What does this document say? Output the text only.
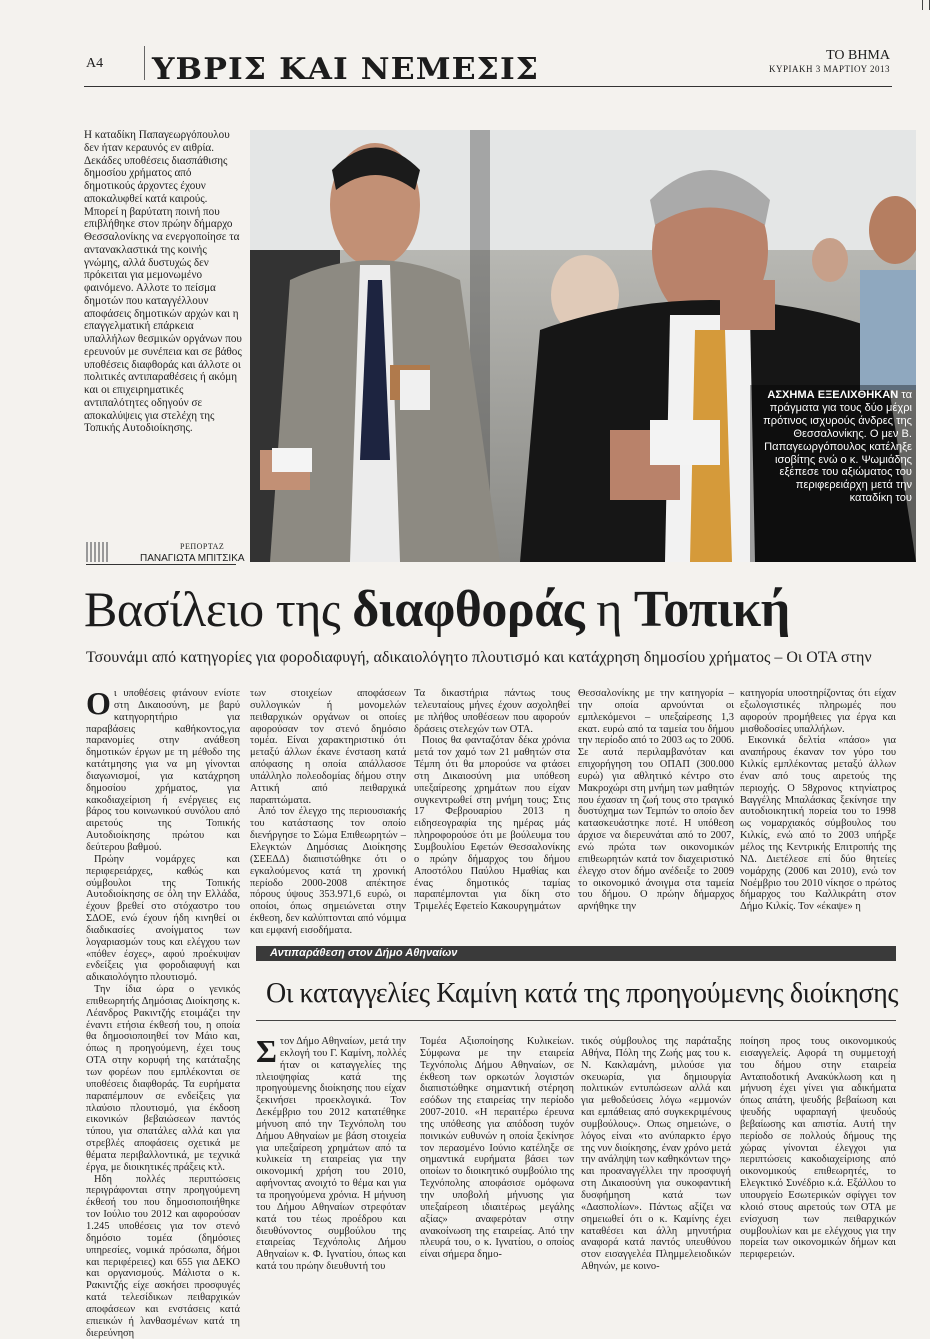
A4 ΥΒΡΙΣ ΚΑΙ ΝΕΜΕΣΙΣ	ΤΟ ΒΗΜΑ
ΚΥΡΙΑΚΗ 3 ΜΑΡΤΙΟΥ 2013
Η καταδίκη Παπαγεωργόπουλου δεν ήταν κεραυνός εν αιθρία. Δεκάδες υποθέσεις διασπάθισης δημοσίου χρήματος από δημοτικούς άρχοντες έχουν αποκαλυφθεί κατά καιρούς. Μπορεί η βαρύτατη ποινή που επιβλήθηκε στον πρώην δήμαρχο Θεσσαλονίκης να ενεργοποίησε τα αντανακλαστικά της κοινής γνώμης, αλλά δυστυχώς δεν πρόκειται για μεμονωμένο φαινόμενο. Αλλοτε το πείσμα δημοτών που καταγγέλλουν αποφάσεις δημοτικών αρχών και η επαγγελματική επάρκεια υπαλλήλων θεσμικών οργάνων που ερευνούν με συνέπεια και σε βάθος υποθέσεις διαφθοράς και άλλοτε οι πολιτικές αντιπαραθέσεις ή ακόμη και οι επιχειρηματικές αντιπαλότητες οδηγούν σε αποκαλύψεις για στελέχη της Τοπικής Αυτοδιοίκησης.
ΡΕΠΟΡΤΑΖ
ΠΑΝΑΓΙΩΤΑ ΜΠΙΤΣΙΚΑ
ΑΣΧΗΜΑ ΕΞΕΛΙΧΘΗΚΑΝ τα πράγματα για τους δύο μέχρι πρότινος ισχυρούς άνδρες της Θεσσαλονίκης. Ο μεν Β. Παπαγεωργόπουλος κατέληξε ισοβίτης ενώ ο κ. Ψωμιάδης εξέπεσε του αξιώματος του περιφερειάρχη μετά την καταδίκη του
Βασίλειο της διαφθοράς η Τοπική
Τσουνάμι από κατηγορίες για φοροδιαφυγή, αδικαιολόγητο πλουτισμό και κατάχρηση δημοσίου χρήματος – Οι ΟΤΑ στην

Οι υποθέσεις φτάνουν ενίοτε στη Δικαιοσύνη, με βαρύ κατηγορητήριο για παραβάσεις καθήκοντος,για παρανομίες στην ανάθεση δημοτικών έργων με τη μέθοδο της κατάτμησης για να μη γίνονται διαγωνισμοί, για κατάχρηση δημοσίου χρήματος, για κακοδιαχείριση ή ενέργειες εις βάρος του κοινωνικού συνόλου από αιρετούς της Τοπικής Αυτοδιοίκησης πρώτου και δεύτερου βαθμού.

Πρώην νομάρχες και περιφερειάρχες, καθώς και σύμβουλοι της Τοπικής Αυτοδιοίκησης σε όλη την Ελλάδα, έχουν βρεθεί στο στόχαστρο του ΣΔΟΕ, ενώ έχουν ήδη κινηθεί οι διαδικασίες ανοίγματος των λογαριασμών τους και ελέγχου των «πόθεν έσχες», αφού προέκυψαν ενδείξεις για φοροδιαφυγή και αδικαιολόγητο πλουτισμό.

Την ίδια ώρα ο γενικός επιθεωρητής Δημόσιας Διοίκησης κ. Λέανδρος Ρακιντζής ετοιμάζει την έναντι ετήσια έκθεσή του, η οποία θα δημοσιοποιηθεί τον Μάιο και, όπως η προηγούμενη, έχει τους ΟΤΑ στην κορυφή της κατάταξης των φορέων που εμπλέκονται σε υποθέσεις διαφθοράς. Τα ευρήματα παραπέμπουν σε ενδείξεις για πλαύσιο πλουτισμό, για έκδοση εικονικών βεβαιώσεων παντός τύπου, για σπατάλες αλλά και για στρεβλές αποφάσεις σχετικά με θέματα περιβαλλοντικά, με τεχνικά έργα, με διοικητικές πράξεις κτλ.

Ηδη πολλές περιπτώσεις περιγράφονται στην προηγούμενη έκθεσή του που δημοσιοποιήθηκε τον Ιούλιο του 2012 και αφορούσαν 1.245 υποθέσεις για τον στενό δημόσιο τομέα (δημόσιες υπηρεσίες, νομικά πρόσωπα, δήμοι και περιφέρειες) και 655 για ΔΕΚΟ και οργανισμούς. Μάλιστα ο κ. Ρακιντζής είχε ασκήσει προσφυγές κατά τελεσίδικων πειθαρχικών αποφάσεων και ενστάσεις κατά επιεικών ή λανθασμένων κατά τη διερεύνηση

των στοιχείων αποφάσεων συλλογικών ή μονομελών πειθαρχικών οργάνων οι οποίες αφορούσαν τον στενό δημόσιο τομέα. Είναι χαρακτηριστικό ότι μεταξύ άλλων έκανε ένσταση κατά απόφασης η οποία απάλλασσε υπάλληλο πολεοδομίας δήμου στην Αττική από πειθαρχικά παραπτώματα.

Από τον έλεγχο της περιουσιακής του κατάστασης τον οποίο διενήργησε το Σώμα Επιθεωρητών – Ελεγκτών Δημόσιας Διοίκησης (ΣΕΕΔΔ) διαπιστώθηκε ότι ο εγκαλούμενος κατά τη χρονική περίοδο 2000-2008 απέκτησε πόρους ύψους 353.971,6 ευρώ, οι οποίοι, όπως σημειώνεται στην έκθεση, δεν καλύπτονται από νόμιμα και εμφανή εισοδήματα.

Τα δικαστήρια πάντως τους τελευταίους μήνες έχουν ασχοληθεί με πλήθος υποθέσεων που αφορούν δράσεις στελεχών των ΟΤΑ.

Ποιος θα φανταζόταν δέκα χρόνια μετά τον χαμό των 21 μαθητών στα Τέμπη ότι θα μπορούσε να φτάσει στη Δικαιοσύνη μια υπόθεση υπεξαίρεσης χρημάτων που είχαν συγκεντρωθεί στη μνήμη τους; Στις 17 Φεβρουαρίου 2013 η ειδησεογραφία της ημέρας μάς πληροφορούσε ότι με βούλευμα του Συμβουλίου Εφετών Θεσσαλονίκης ο πρώην δήμαρχος του δήμου Αποστόλου Παύλου Ημαθίας και ένας δημοτικός ταμίας παραπέμπονται για δίκη στο Τριμελές Εφετείο Κακουργημάτων

Θεσσαλονίκης με την κατηγορία – την οποία αρνούνται οι εμπλεκόμενοι – υπεξαίρεσης 1,3 εκατ. ευρώ από τα ταμεία του δήμου την περίοδο από το 2003 ως το 2006. Σε αυτά περιλαμβανόταν και επιχορήγηση του ΟΠΑΠ (300.000 ευρώ) για αθλητικό κέντρο στο Μακροχώρι στη μνήμη των μαθητών που έχασαν τη ζωή τους στο τραγικό δυστύχημα των Τεμπών το οποίο δεν κατασκευάστηκε ποτέ. Η υπόθεση άρχισε να διερευνάται από το 2007, ενώ πρώτα των οικονομικών επιθεωρητών κατά τον διαχειριστικό έλεγχο στον δήμο ανέδειξε το 2009 το οικονομικό άνοιγμα στα ταμεία του δήμου. Ο πρώην δήμαρχος αρνήθηκε την

κατηγορία υποστηρίζοντας ότι είχαν εξωλογιστικές πληρωμές που αφορούν προμήθειες για έργα και μισθοδοσίες υπαλλήλων.

Εικονικά δελτία «πάσο» για αναπήρους έκαναν τον γύρο του Κιλκίς εμπλέκοντας μεταξύ άλλων έναν από τους αιρετούς της περιοχής. Ο 58χρονος κτηνίατρος Βαγγέλης Μπαλάσκας ξεκίνησε την αυτοδιοικητική πορεία του το 1998 ως νομαρχιακός σύμβουλος του Κιλκίς, ενώ από το 2003 υπήρξε μέλος της Κεντρικής Επιτροπής της ΝΔ. Διετέλεσε επί δύο θητείες νομάρχης (2006 και 2010), ενώ τον Νοέμβριο του 2010 νίκησε ο πρώτος δήμαρχος του Καλλικράτη στον Δήμο Κιλκίς. Τον «έκαψε» η

Αντιπαράθεση στον Δήμο Αθηναίων
Οι καταγγελίες Καμίνη κατά της προηγούμενης διοίκησης

Στον Δήμο Αθηναίων, μετά την εκλογή του Γ. Καμίνη, πολλές ήταν οι καταγγελίες της πλειοψηφίας κατά της προηγούμενης διοίκησης που είχαν ξεκινήσει προεκλογικά. Τον Δεκέμβριο του 2012 κατατέθηκε μήνυση από την Τεχνόπολη του Δήμου Αθηναίων με βάση στοιχεία για υπεξαίρεση χρημάτων από τα κυλικεία τη εταιρείας για την οικονομική χρήση του 2010, αφήνοντας ανοιχτό το θέμα και για τα προηγούμενα χρόνια. Η μήνυση του Δήμου Αθηναίων στρεφόταν κατά του τέως προέδρου και διευθύνοντος συμβούλου της εταιρείας Τεχνόπολις Δήμου Αθηναίων κ. Φ. Ιγνατίου, όπως και κατά του πρώην διευθυντή του

Τομέα Αξιοποίησης Κυλικείων. Σύμφωνα με την εταιρεία Τεχνόπολις Δήμου Αθηναίων, σε έκθεση των ορκωτών λογιστών διαπιστώθηκε σημαντική στέρηση εσόδων της εταιρείας την περίοδο 2007-2010. «Η περαιτέρω έρευνα της υπόθεσης για απόδοση τυχόν ποινικών ευθυνών η οποία ξεκίνησε τον περασμένο Ιούνιο κατέληξε σε σημαντικά ευρήματα βάσει των οποίων το διοικητικό συμβούλιο της Τεχνόπολης αποφάσισε ομόφωνα την υποβολή μήνυσης για υπεξαίρεση ιδιαιτέρως μεγάλης αξίας» αναφερόταν στην ανακοίνωση της εταιρείας. Από την πλευρά του, ο κ. Ιγνατίου, ο οποίος είναι σήμερα δημο-

τικός σύμβουλος της παράταξης Αθήνα, Πόλη της Ζωής μας του κ. Ν. Κακλαμάνη, μιλούσε για σκευωρία, για δημιουργία πολιτικών εντυπώσεων αλλά και για μεθοδεύσεις λόγω «εμμονών και εμπάθειας από συγκεκριμένους συμβούλους». Οπως σημειώνε, ο λόγος είναι «το ανύπαρκτο έργο της νυν διοίκησης, έναν χρόνο μετά την ανάληψη των καθηκόντων της» και προαναγγέλλει την προσφυγή στη Δικαιοσύνη για συκοφαντική δυσφήμηση κατά των «Δασπολίων». Πάντως αξίζει να σημειωθεί ότι ο κ. Καμίνης έχει καταθέσει και άλλη μηνυτήρια αναφορά κατά παντός υπευθύνου στον εισαγγελέα Πλημμελειοδικών Αθηνών, με κοινο-

ποίηση προς τους οικονομικούς εισαγγελείς. Αφορά τη συμμετοχή του δήμου στην εταιρεία Ανταποδοτική Ανακύκλωση και η μήνυση έχει γίνει για αδικήματα όπως απάτη, ψευδής βεβαίωση και ψευδής υφαρπαγή ψευδούς βεβαίωσης και απιστία. Αυτή την περίοδο σε πολλούς δήμους της χώρας γίνονται έλεγχοι για περιπτώσεις κακοδιαχείρισης από οικονομικούς επιθεωρητές, το Ελεγκτικό Συνέδριο κ.ά. Εξάλλου το υπουργείο Εσωτερικών σφίγγει τον κλοιό στους αιρετούς των ΟΤΑ με ενίσχυση των πειθαρχικών συμβουλίων και με ελέγχους για την πορεία των οικονομικών δήμων και περιφερειών.
